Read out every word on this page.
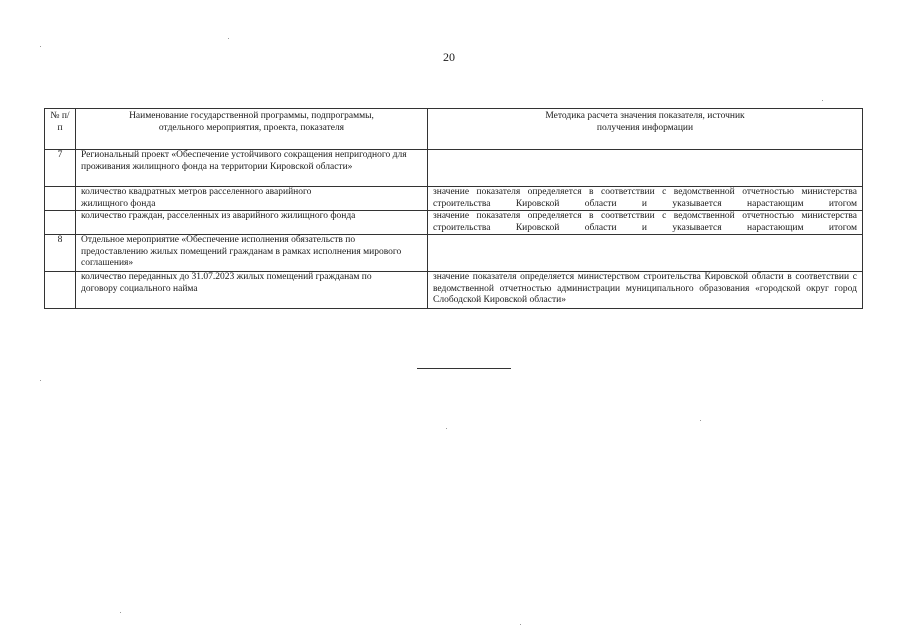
20
№ п/п	Наименование государственной программы, подпрограммы, отдельного мероприятия, проекта, показателя	Методика расчета значения показателя, источник получения информации
7	Региональный проект «Обеспечение устойчивого сокращения непригодного для проживания жилищного фонда на территории Кировской области»	
	количество квадратных метров расселенного аварийного жилищного фонда	значение показателя определяется в соответствии с ведомственной отчетностью министерства строительства Кировской области и указывается нарастающим итогом
	количество граждан, расселенных из аварийного жилищного фонда	значение показателя определяется в соответствии с ведомственной отчетностью министерства строительства Кировской области и указывается нарастающим итогом
8	Отдельное мероприятие «Обеспечение исполнения обязательств по предоставлению жилых помещений гражданам в рамках исполнения мирового соглашения»	
	количество переданных до 31.07.2023 жилых помещений гражданам по договору социального найма	значение показателя определяется министерством строительства Кировской области в соответствии с ведомственной отчетностью администрации муниципального образования «городской округ город Слободской Кировской области»
